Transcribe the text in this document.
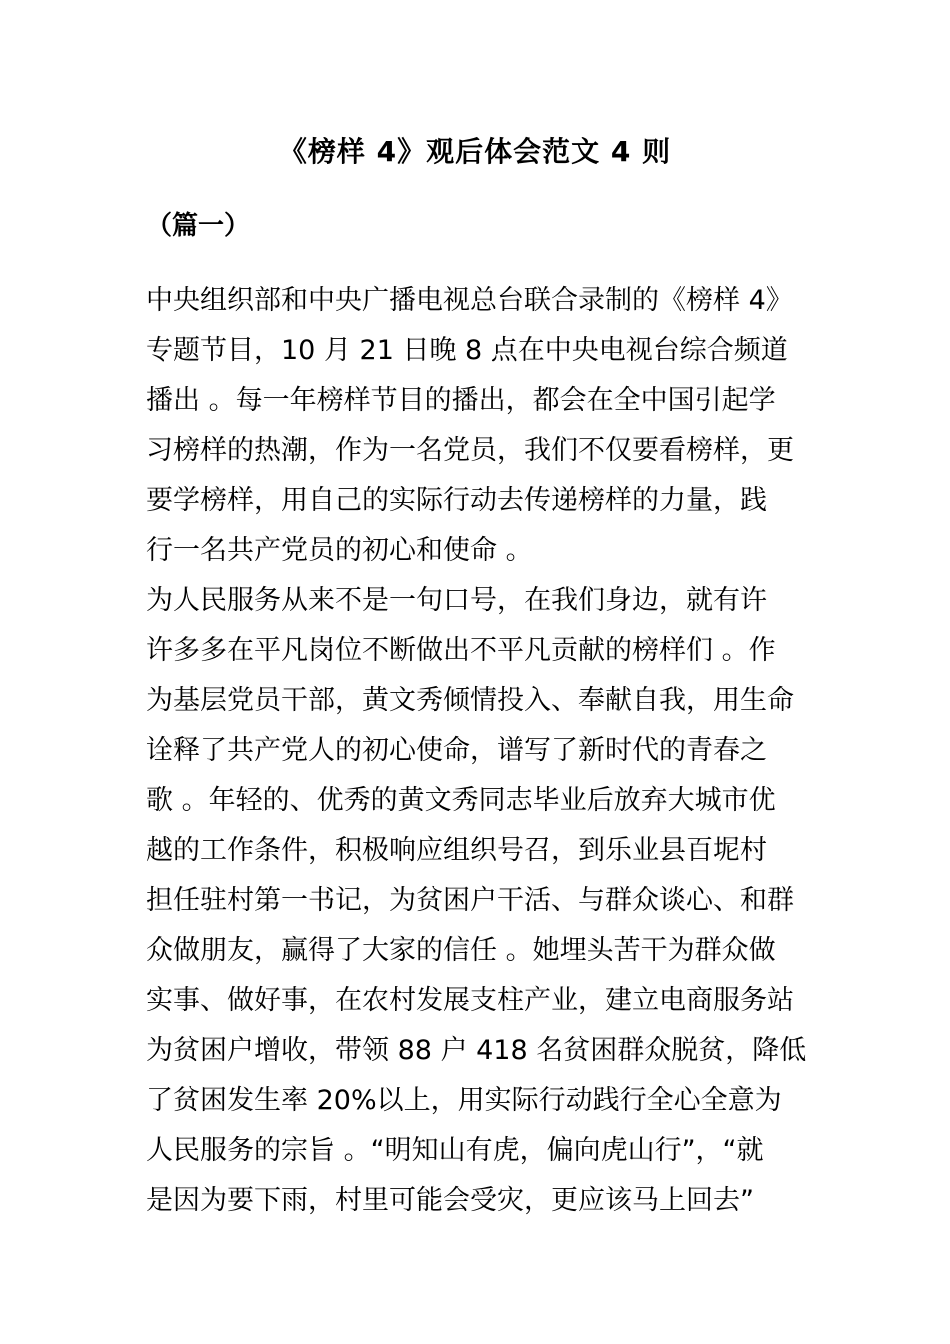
《榜样 4》观后体会范文 4 则
（篇一）
中央组织部和中央广播电视总台联合录制的《榜样 4》
专题节目，10 月 21 日晚 8 点在中央电视台综合频道
播出 。每一年榜样节目的播出，都会在全中国引起学
习榜样的热潮，作为一名党员，我们不仅要看榜样，更
要学榜样，用自己的实际行动去传递榜样的力量，践
行一名共产党员的初心和使命 。
为人民服务从来不是一句口号，在我们身边，就有许
许多多在平凡岗位不断做出不平凡贡献的榜样们 。作
为基层党员干部，黄文秀倾情投入、奉献自我，用生命
诠释了共产党人的初心使命，谱写了新时代的青春之
歌 。年轻的、优秀的黄文秀同志毕业后放弃大城市优
越的工作条件，积极响应组织号召，到乐业县百坭村
担任驻村第一书记，为贫困户干活、与群众谈心、和群
众做朋友，赢得了大家的信任 。她埋头苦干为群众做
实事、做好事，在农村发展支柱产业，建立电商服务站
为贫困户增收，带领 88 户 418 名贫困群众脱贫，降低
了贫困发生率 20%以上，用实际行动践行全心全意为
人民服务的宗旨 。“明知山有虎，偏向虎山行”，“就
是因为要下雨，村里可能会受灾，更应该马上回去”
